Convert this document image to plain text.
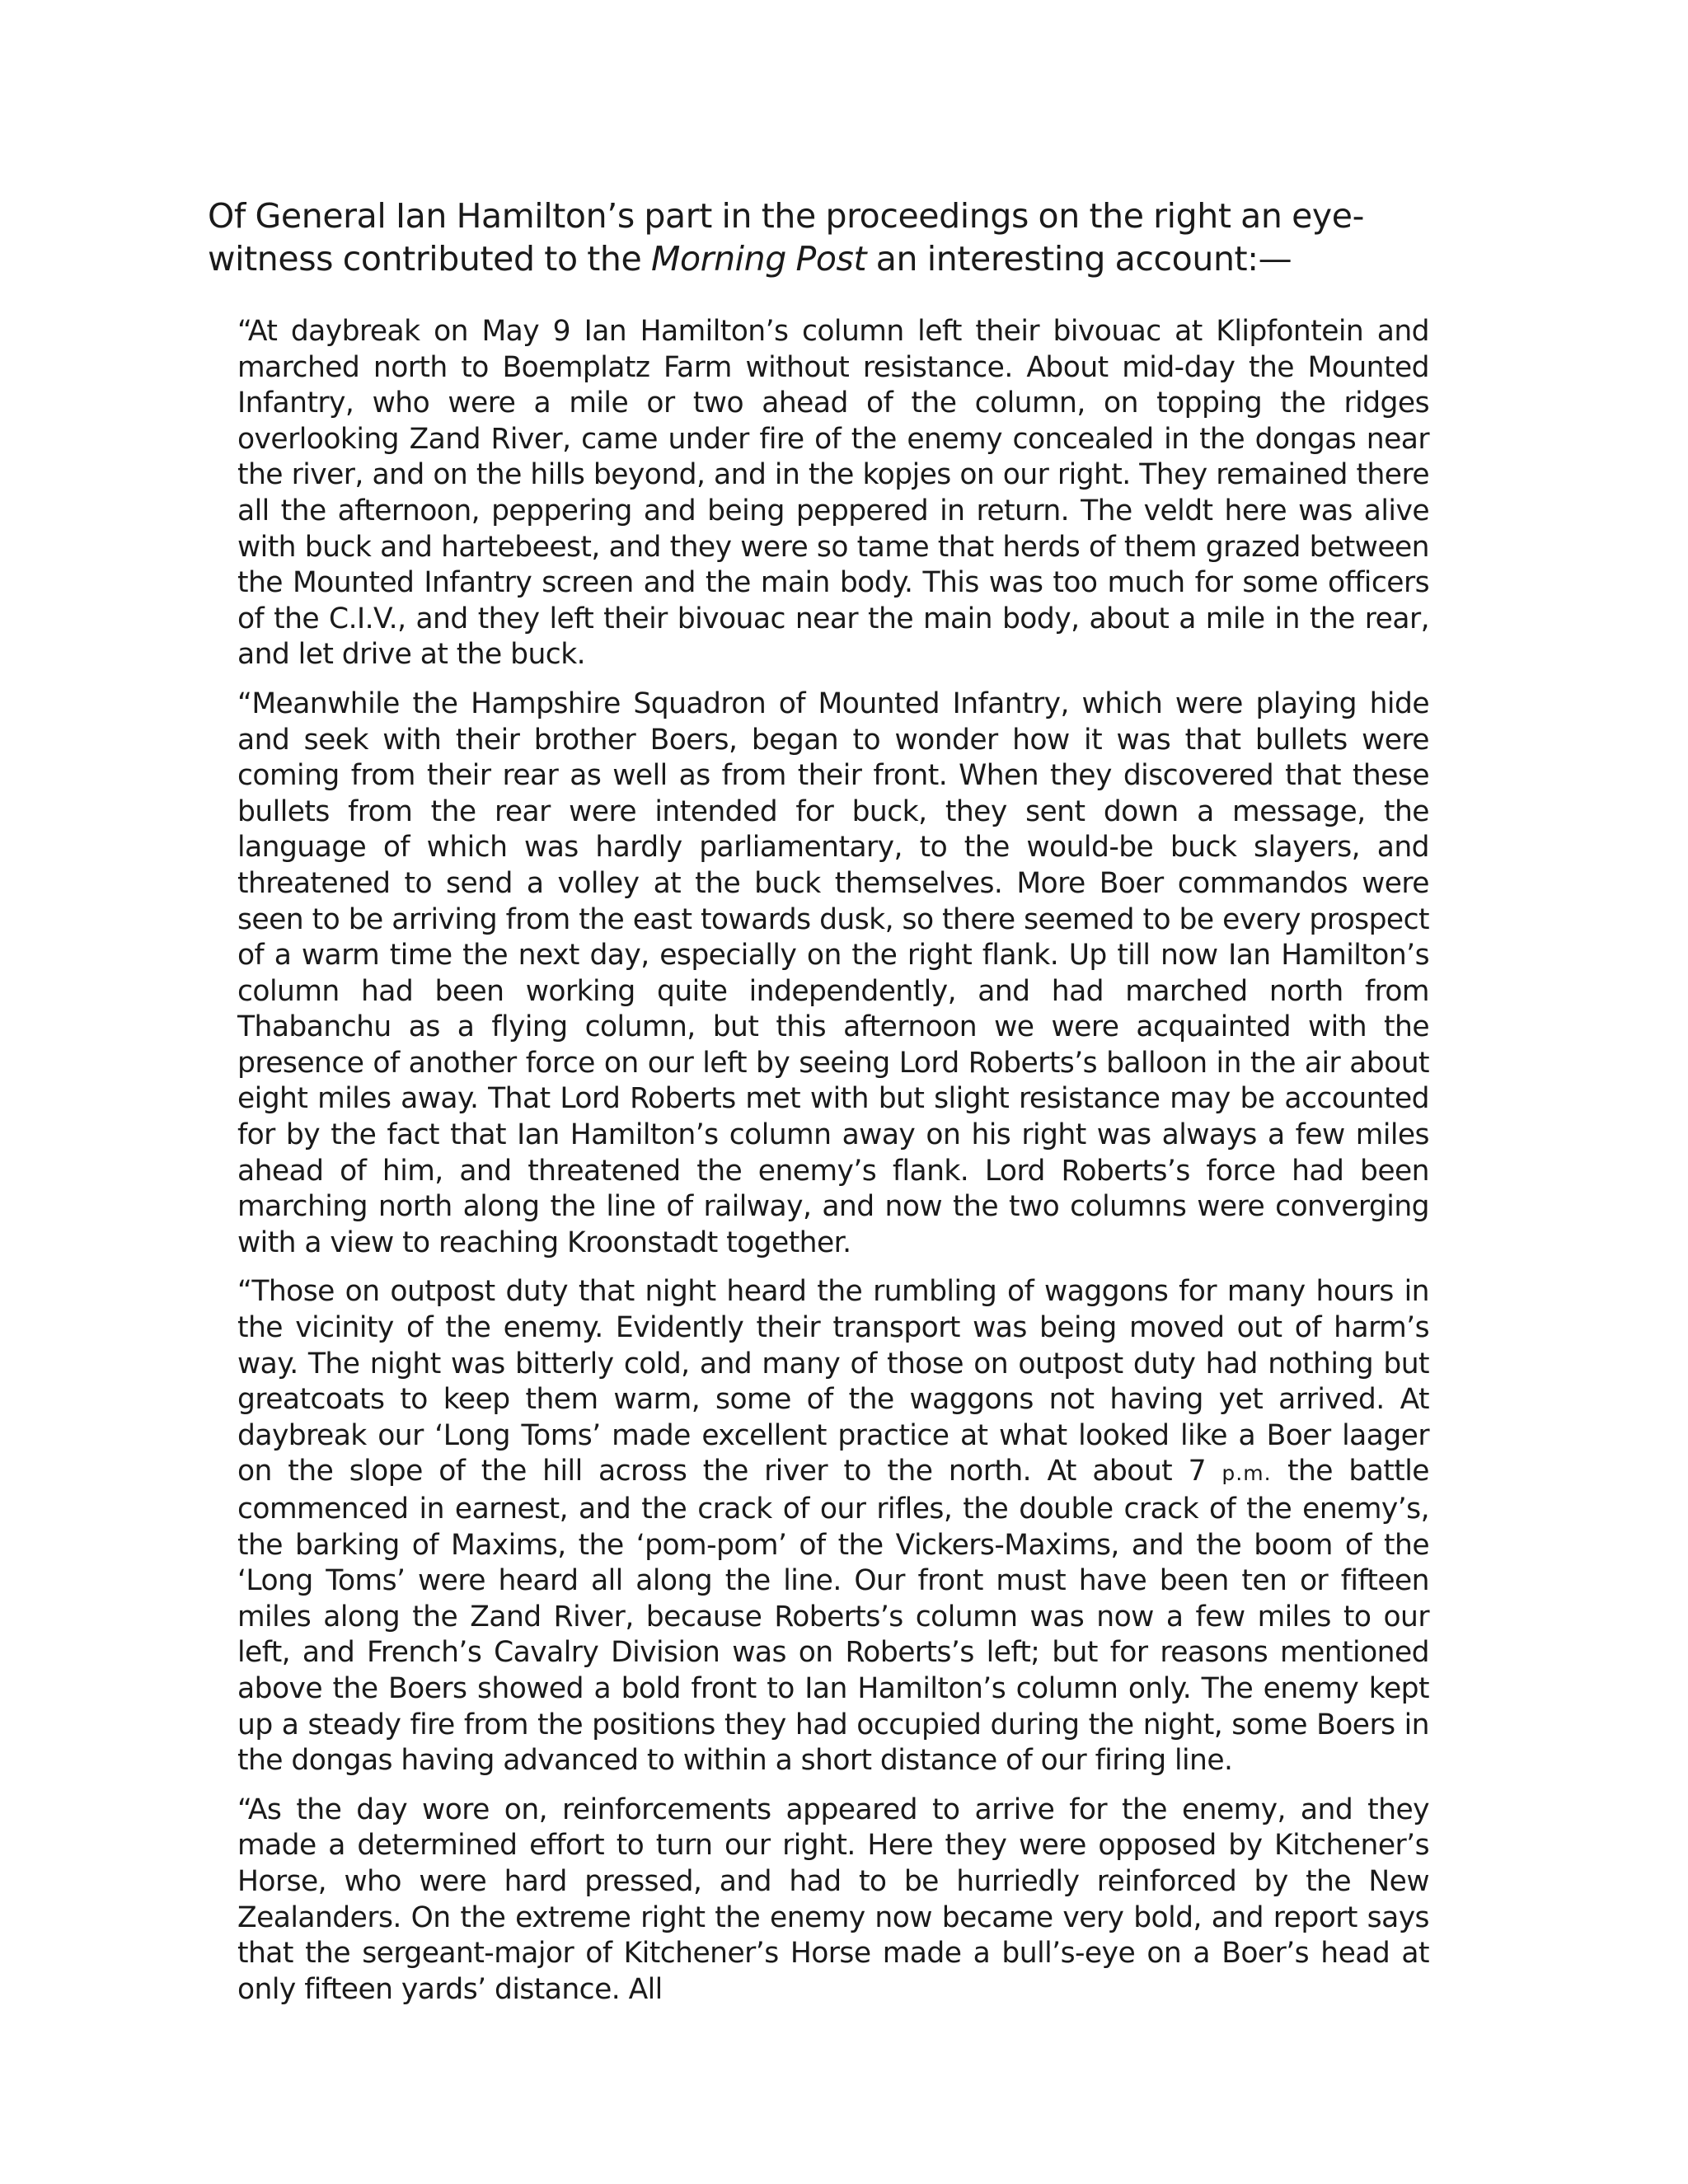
Of General Ian Hamilton’s part in the proceedings on the right an eye-witness contributed to the Morning Post an interesting account:—

“At daybreak on May 9 Ian Hamilton’s column left their bivouac at Klipfontein and marched north to Boemplatz Farm without resistance. About mid-day the Mounted Infantry, who were a mile or two ahead of the column, on topping the ridges overlooking Zand River, came under fire of the enemy concealed in the dongas near the river, and on the hills beyond, and in the kopjes on our right. They remained there all the afternoon, peppering and being peppered in return. The veldt here was alive with buck and hartebeest, and they were so tame that herds of them grazed between the Mounted Infantry screen and the main body. This was too much for some officers of the C.I.V., and they left their bivouac near the main body, about a mile in the rear, and let drive at the buck.

“Meanwhile the Hampshire Squadron of Mounted Infantry, which were playing hide and seek with their brother Boers, began to wonder how it was that bullets were coming from their rear as well as from their front. When they discovered that these bullets from the rear were intended for buck, they sent down a message, the language of which was hardly parliamentary, to the would-be buck slayers, and threatened to send a volley at the buck themselves. More Boer commandos were seen to be arriving from the east towards dusk, so there seemed to be every prospect of a warm time the next day, especially on the right flank. Up till now Ian Hamilton’s column had been working quite independently, and had marched north from Thabanchu as a flying column, but this afternoon we were acquainted with the presence of another force on our left by seeing Lord Roberts’s balloon in the air about eight miles away. That Lord Roberts met with but slight resistance may be accounted for by the fact that Ian Hamilton’s column away on his right was always a few miles ahead of him, and threatened the enemy’s flank. Lord Roberts’s force had been marching north along the line of railway, and now the two columns were converging with a view to reaching Kroonstadt together.

“Those on outpost duty that night heard the rumbling of waggons for many hours in the vicinity of the enemy. Evidently their transport was being moved out of harm’s way. The night was bitterly cold, and many of those on outpost duty had nothing but greatcoats to keep them warm, some of the waggons not having yet arrived. At daybreak our ‘Long Toms’ made excellent practice at what looked like a Boer laager on the slope of the hill across the river to the north. At about 7 p.m. the battle commenced in earnest, and the crack of our rifles, the double crack of the enemy’s, the barking of Maxims, the ‘pom-pom’ of the Vickers-Maxims, and the boom of the ‘Long Toms’ were heard all along the line. Our front must have been ten or fifteen miles along the Zand River, because Roberts’s column was now a few miles to our left, and French’s Cavalry Division was on Roberts’s left; but for reasons mentioned above the Boers showed a bold front to Ian Hamilton’s column only. The enemy kept up a steady fire from the positions they had occupied during the night, some Boers in the dongas having advanced to within a short distance of our firing line.

“As the day wore on, reinforcements appeared to arrive for the enemy, and they made a determined effort to turn our right. Here they were opposed by Kitchener’s Horse, who were hard pressed, and had to be hurriedly reinforced by the New Zealanders. On the extreme right the enemy now became very bold, and report says that the sergeant-major of Kitchener’s Horse made a bull’s-eye on a Boer’s head at only fifteen yards’ distance. All
